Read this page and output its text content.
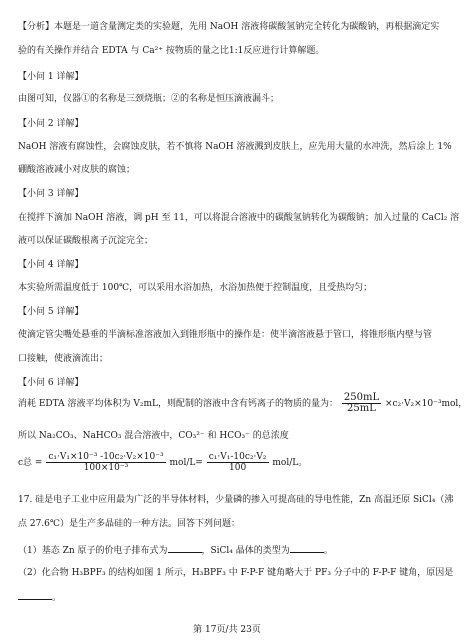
【分析】本题是一道含量测定类的实验题，先用 NaOH 溶液将碳酸氢钠完全转化为碳酸钠，再根据滴定实
验的有关操作并结合 EDTA 与 Ca²⁺ 按物质的量之比1:1反应进行计算解题。
【小问 1 详解】
由图可知，仪器①的名称是三颈烧瓶；②的名称是恒压滴液漏斗；
【小问 2 详解】
NaOH 溶液有腐蚀性，会腐蚀皮肤，若不慎将 NaOH 溶液溅到皮肤上，应先用大量的水冲洗，然后涂上 1%
硼酸溶液减小对皮肤的腐蚀；
【小问 3 详解】
在搅拌下滴加 NaOH 溶液，调 pH 至 11，可以将混合溶液中的碳酸氢钠转化为碳酸钠；加入过量的 CaCl₂ 溶
液可以保证碳酸根离子沉淀完全；
【小问 4 详解】
本实验所需温度低于 100℃，可以采用水浴加热，水浴加热便于控制温度，且受热均匀；
【小问 5 详解】
使滴定管尖嘴处悬垂的半滴标准溶液加入到锥形瓶中的操作是：使半滴溶液悬于管口，将锥形瓶内壁与管
口接触，使液滴流出；
【小问 6 详解】
消耗 EDTA 溶液平均体积为 V₂mL，则配制的溶液中含有钙离子的物质的量为： $\frac{250mL}{25mL} \times c_2\cdot V_2\times 10^{-3}mol$，
所以 Na₂CO₃、NaHCO₃ 混合溶液中，CO₃²⁻ 和 HCO₃⁻ 的总浓度
c总 = $\frac{\text{c₁·V₁×10⁻³ -10c₂·V₂×10⁻³}}{\text{100×10⁻³}} mol/L= \frac{\text{c₁·V₁-10c₂·V₂}}{100} mol/L$。
17. 硅是电子工业中应用最为广泛的半导体材料，少量磷的掺入可提高硅的导电性能，Zn 高温还原 SiCl₄（沸
点 27.6℃）是生产多晶硅的一种方法。回答下列问题：
（1）基态 Zn 原子的价电子排布式为	，SiCl₄ 晶体的类型为	。
（2）化合物 H₃BPF₃ 的结构如图 1 所示，H₃BPF₃ 中 F-P-F 键角略大于 PF₃ 分子中的 F-P-F 键角，原因是
。
第 17页/共 23页
